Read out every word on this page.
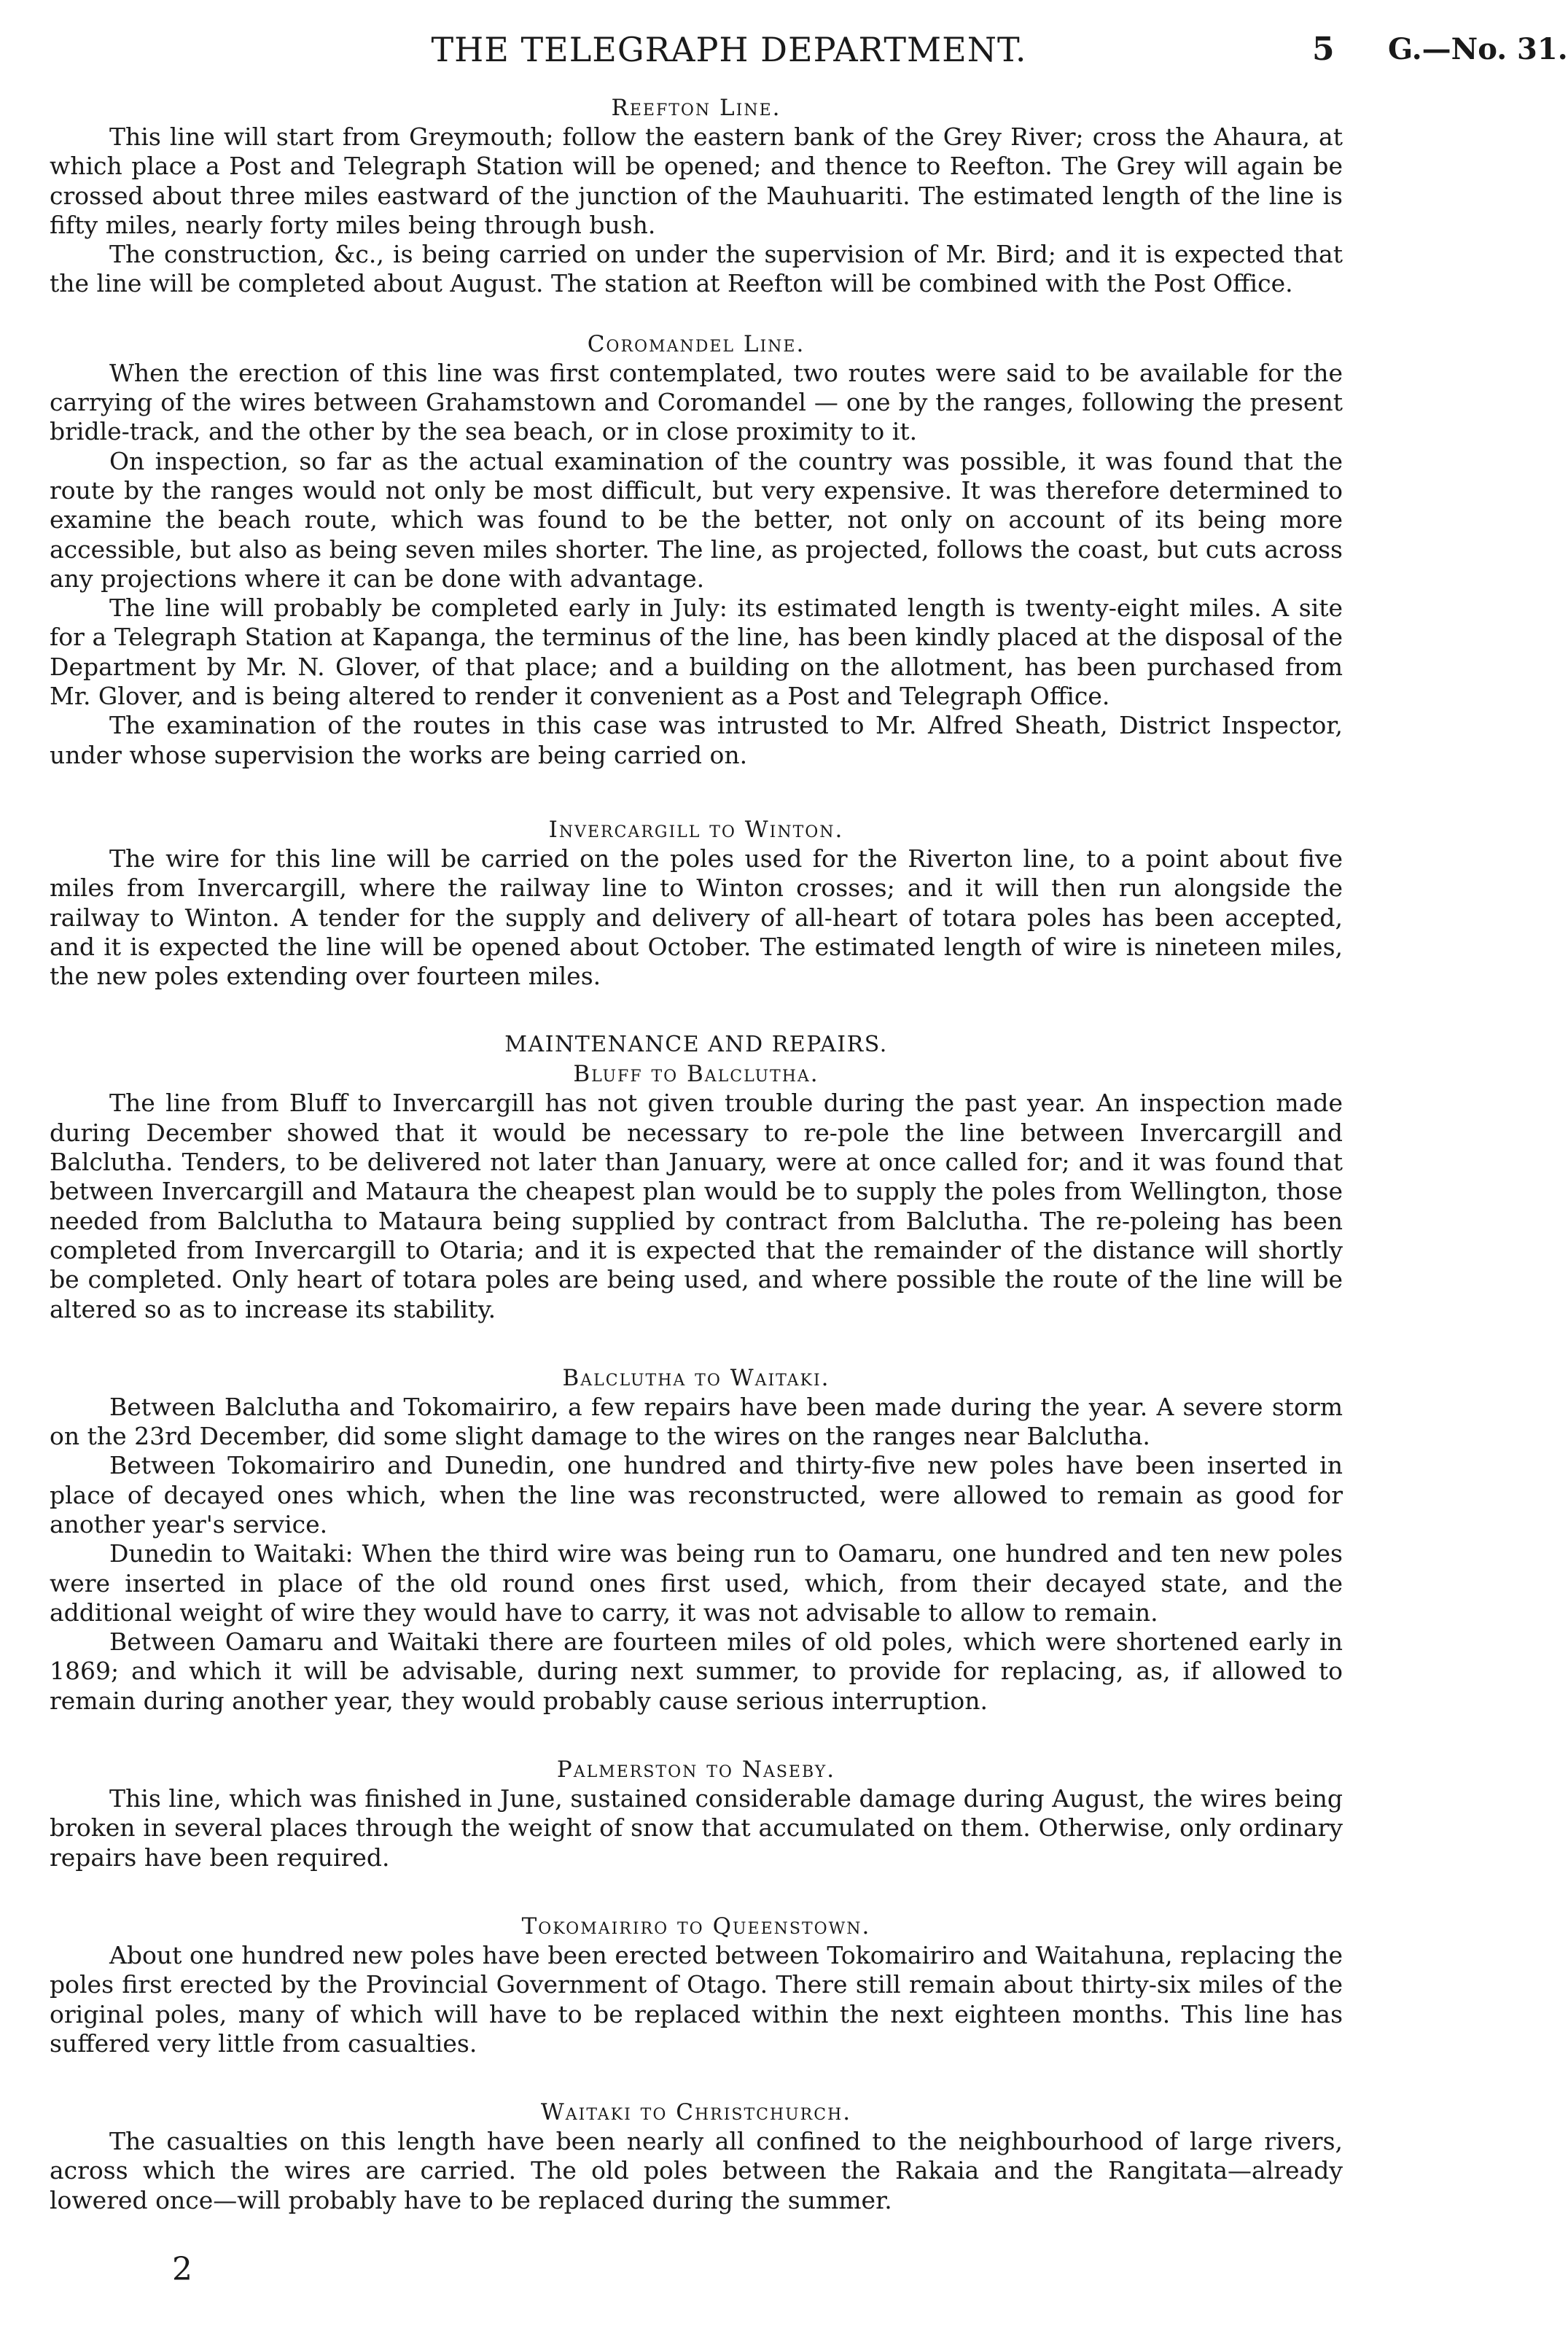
THE TELEGRAPH DEPARTMENT.	5 G.—No. 31.
Reefton Line.

This line will start from Greymouth; follow the eastern bank of the Grey River; cross the Ahaura, at which place a Post and Telegraph Station will be opened; and thence to Reefton. The Grey will again be crossed about three miles eastward of the junction of the Mauhuariti. The estimated length of the line is fifty miles, nearly forty miles being through bush.

The construction, &c., is being carried on under the supervision of Mr. Bird; and it is expected that the line will be completed about August. The station at Reefton will be combined with the Post Office.

Coromandel Line.

When the erection of this line was first contemplated, two routes were said to be available for the carrying of the wires between Grahamstown and Coromandel — one by the ranges, following the present bridle-track, and the other by the sea beach, or in close proximity to it.

On inspection, so far as the actual examination of the country was possible, it was found that the route by the ranges would not only be most difficult, but very expensive. It was therefore determined to examine the beach route, which was found to be the better, not only on account of its being more accessible, but also as being seven miles shorter. The line, as projected, follows the coast, but cuts across any projections where it can be done with advantage.

The line will probably be completed early in July: its estimated length is twenty-eight miles. A site for a Telegraph Station at Kapanga, the terminus of the line, has been kindly placed at the disposal of the Department by Mr. N. Glover, of that place; and a building on the allotment, has been purchased from Mr. Glover, and is being altered to render it convenient as a Post and Telegraph Office.

The examination of the routes in this case was intrusted to Mr. Alfred Sheath, District Inspector, under whose supervision the works are being carried on.

Invercargill to Winton.

The wire for this line will be carried on the poles used for the Riverton line, to a point about five miles from Invercargill, where the railway line to Winton crosses; and it will then run alongside the railway to Winton. A tender for the supply and delivery of all-heart of totara poles has been accepted, and it is expected the line will be opened about October. The estimated length of wire is nineteen miles, the new poles extending over fourteen miles.

MAINTENANCE AND REPAIRS.
Bluff to Balclutha.

The line from Bluff to Invercargill has not given trouble during the past year. An inspection made during December showed that it would be necessary to re-pole the line between Invercargill and Balclutha. Tenders, to be delivered not later than January, were at once called for; and it was found that between Invercargill and Mataura the cheapest plan would be to supply the poles from Wellington, those needed from Balclutha to Mataura being supplied by contract from Balclutha. The re-poleing has been completed from Invercargill to Otaria; and it is expected that the remainder of the distance will shortly be completed. Only heart of totara poles are being used, and where possible the route of the line will be altered so as to increase its stability.

Balclutha to Waitaki.

Between Balclutha and Tokomairiro, a few repairs have been made during the year. A severe storm on the 23rd December, did some slight damage to the wires on the ranges near Balclutha.

Between Tokomairiro and Dunedin, one hundred and thirty-five new poles have been inserted in place of decayed ones which, when the line was reconstructed, were allowed to remain as good for another year's service.

Dunedin to Waitaki: When the third wire was being run to Oamaru, one hundred and ten new poles were inserted in place of the old round ones first used, which, from their decayed state, and the additional weight of wire they would have to carry, it was not advisable to allow to remain.

Between Oamaru and Waitaki there are fourteen miles of old poles, which were shortened early in 1869; and which it will be advisable, during next summer, to provide for replacing, as, if allowed to remain during another year, they would probably cause serious interruption.

Palmerston to Naseby.

This line, which was finished in June, sustained considerable damage during August, the wires being broken in several places through the weight of snow that accumulated on them. Otherwise, only ordinary repairs have been required.

Tokomairiro to Queenstown.

About one hundred new poles have been erected between Tokomairiro and Waitahuna, replacing the poles first erected by the Provincial Government of Otago. There still remain about thirty-six miles of the original poles, many of which will have to be replaced within the next eighteen months. This line has suffered very little from casualties.

Waitaki to Christchurch.

The casualties on this length have been nearly all confined to the neighbourhood of large rivers, across which the wires are carried. The old poles between the Rakaia and the Rangitata—already lowered once—will probably have to be replaced during the summer.

2
